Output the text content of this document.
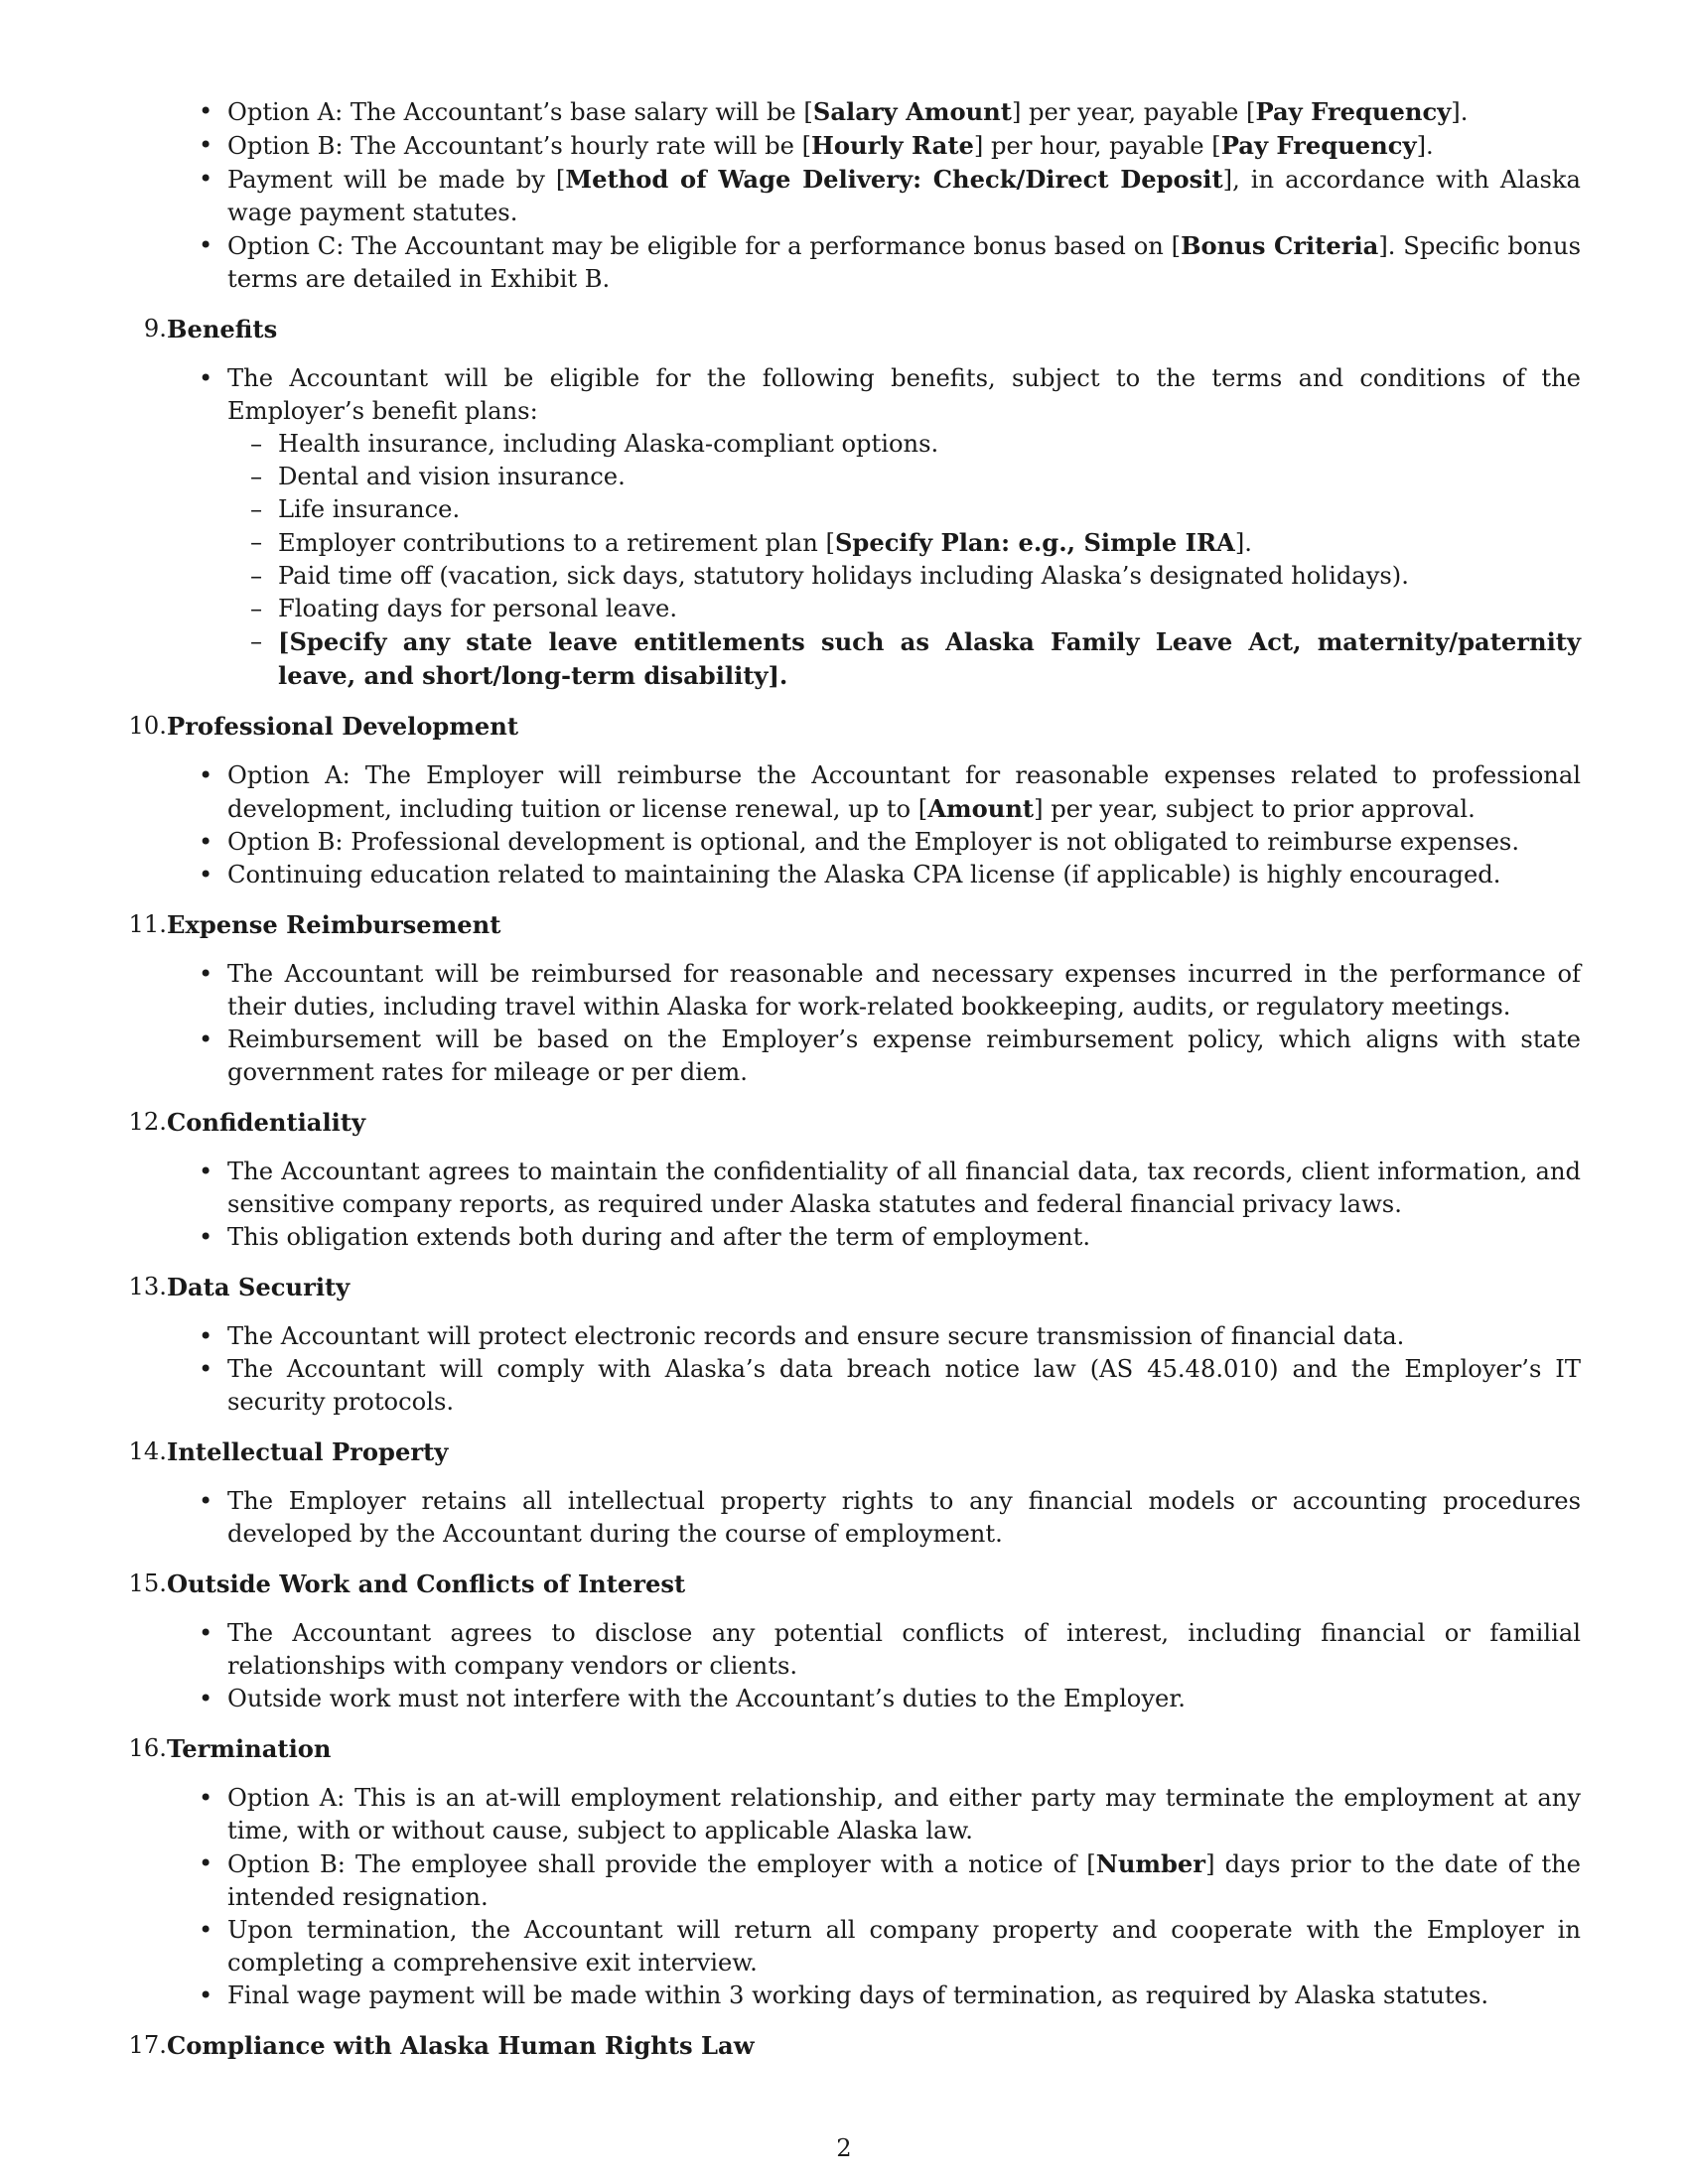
• Option A: The Accountant’s base salary will be [Salary Amount] per year, payable [Pay Frequency].
• Option B: The Accountant’s hourly rate will be [Hourly Rate] per hour, payable [Pay Frequency].
• Payment will be made by [Method of Wage Delivery: Check/Direct Deposit], in accordance with Alaska wage payment statutes.
• Option C: The Accountant may be eligible for a performance bonus based on [Bonus Criteria]. Specific bonus terms are detailed in Exhibit B.
9 . Benefits
• The Accountant will be eligible for the following benefits, subject to the terms and conditions of the Employer’s benefit plans:
– Health insurance, including Alaska-compliant options.
– Dental and vision insurance.
– Life insurance.
– Employer contributions to a retirement plan [Specify Plan: e.g., Simple IRA].
– Paid time off (vacation, sick days, statutory holidays including Alaska’s designated holidays).
– Floating days for personal leave.
– [Specify any state leave entitlements such as Alaska Family Leave Act, maternity/paternity leave, and short/long-term disability].
10 . Professional Development
• Option A: The Employer will reimburse the Accountant for reasonable expenses related to professional development, including tuition or license renewal, up to [Amount] per year, subject to prior approval.
• Option B: Professional development is optional, and the Employer is not obligated to reimburse expenses.
• Continuing education related to maintaining the Alaska CPA license (if applicable) is highly encouraged.
11 . Expense Reimbursement
• The Accountant will be reimbursed for reasonable and necessary expenses incurred in the performance of their duties, including travel within Alaska for work-related bookkeeping, audits, or regulatory meetings.
• Reimbursement will be based on the Employer’s expense reimbursement policy, which aligns with state government rates for mileage or per diem.
12 . Confidentiality
• The Accountant agrees to maintain the confidentiality of all financial data, tax records, client information, and sensitive company reports, as required under Alaska statutes and federal financial privacy laws.
• This obligation extends both during and after the term of employment.
13 . Data Security
• The Accountant will protect electronic records and ensure secure transmission of financial data.
• The Accountant will comply with Alaska’s data breach notice law (AS 45.48.010) and the Employer’s IT security protocols.
14 . Intellectual Property
• The Employer retains all intellectual property rights to any financial models or accounting procedures developed by the Accountant during the course of employment.
15 . Outside Work and Conflicts of Interest
• The Accountant agrees to disclose any potential conflicts of interest, including financial or familial relationships with company vendors or clients.
• Outside work must not interfere with the Accountant’s duties to the Employer.
16 . Termination
• Option A: This is an at-will employment relationship, and either party may terminate the employment at any time, with or without cause, subject to applicable Alaska law.
• Option B: The employee shall provide the employer with a notice of [Number] days prior to the date of the intended resignation.
• Upon termination, the Accountant will return all company property and cooperate with the Employer in completing a comprehensive exit interview.
• Final wage payment will be made within 3 working days of termination, as required by Alaska statutes.
17 . Compliance with Alaska Human Rights Law
2
